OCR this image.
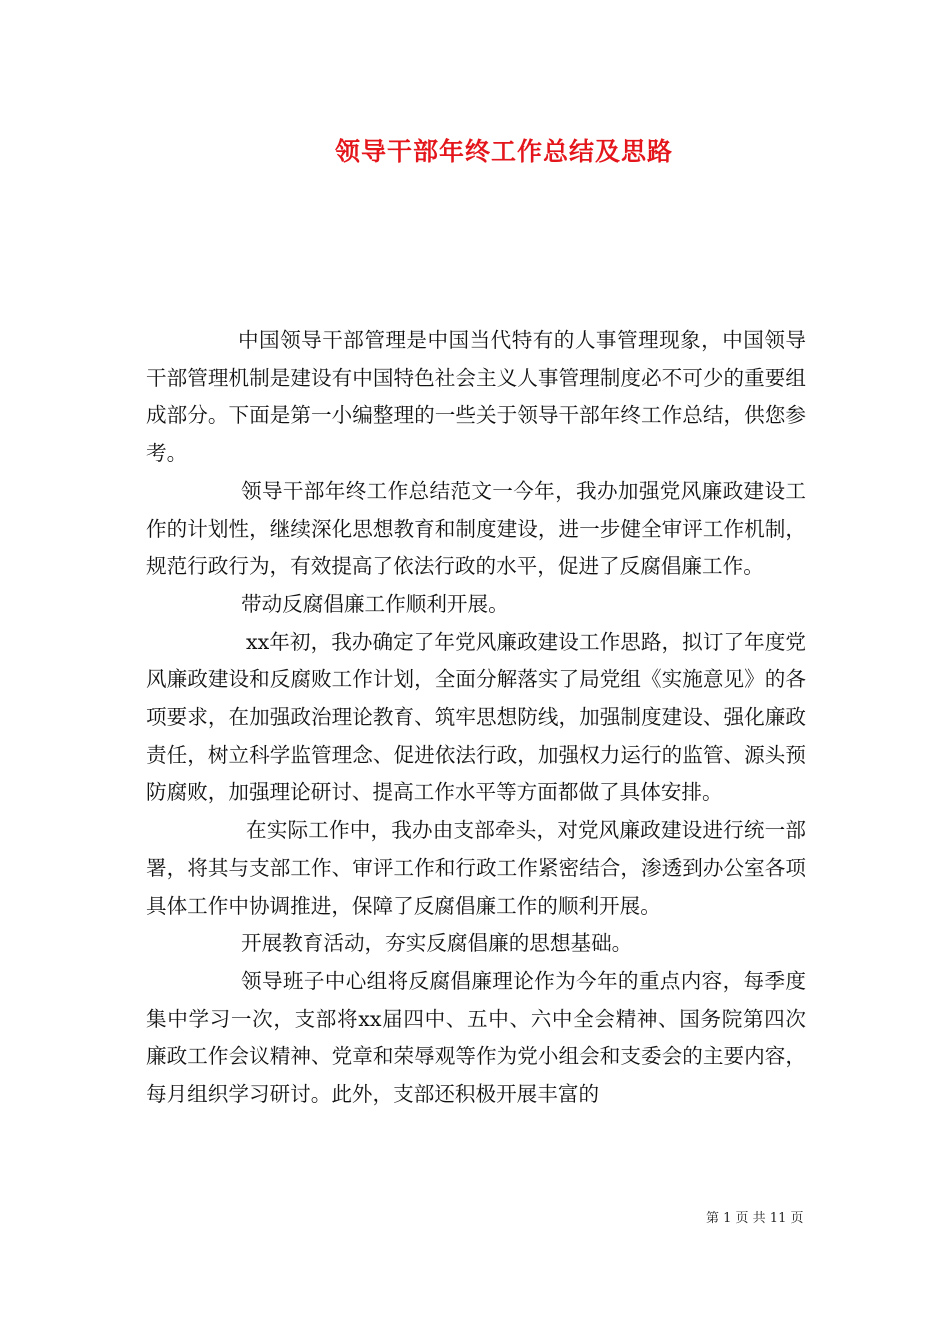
领导干部年终工作总结及思路

中国领导干部管理是中国当代特有的人事管理现象，中国领导干部管理机制是建设有中国特色社会主义人事管理制度必不可少的重要组成部分。下面是第一小编整理的一些关于领导干部年终工作总结，供您参考。

领导干部年终工作总结范文一今年，我办加强党风廉政建设工作的计划性，继续深化思想教育和制度建设，进一步健全审评工作机制，规范行政行为，有效提高了依法行政的水平，促进了反腐倡廉工作。

带动反腐倡廉工作顺利开展。

xx年初，我办确定了年党风廉政建设工作思路，拟订了年度党风廉政建设和反腐败工作计划，全面分解落实了局党组《实施意见》的各项要求，在加强政治理论教育、筑牢思想防线，加强制度建设、强化廉政责任，树立科学监管理念、促进依法行政，加强权力运行的监管、源头预防腐败，加强理论研讨、提高工作水平等方面都做了具体安排。

在实际工作中，我办由支部牵头，对党风廉政建设进行统一部署，将其与支部工作、审评工作和行政工作紧密结合，渗透到办公室各项具体工作中协调推进，保障了反腐倡廉工作的顺利开展。

开展教育活动，夯实反腐倡廉的思想基础。

领导班子中心组将反腐倡廉理论作为今年的重点内容，每季度集中学习一次，支部将xx届四中、五中、六中全会精神、国务院第四次廉政工作会议精神、党章和荣辱观等作为党小组会和支委会的主要内容，每月组织学习研讨。此外，支部还积极开展丰富的

第 1 页 共 11 页
